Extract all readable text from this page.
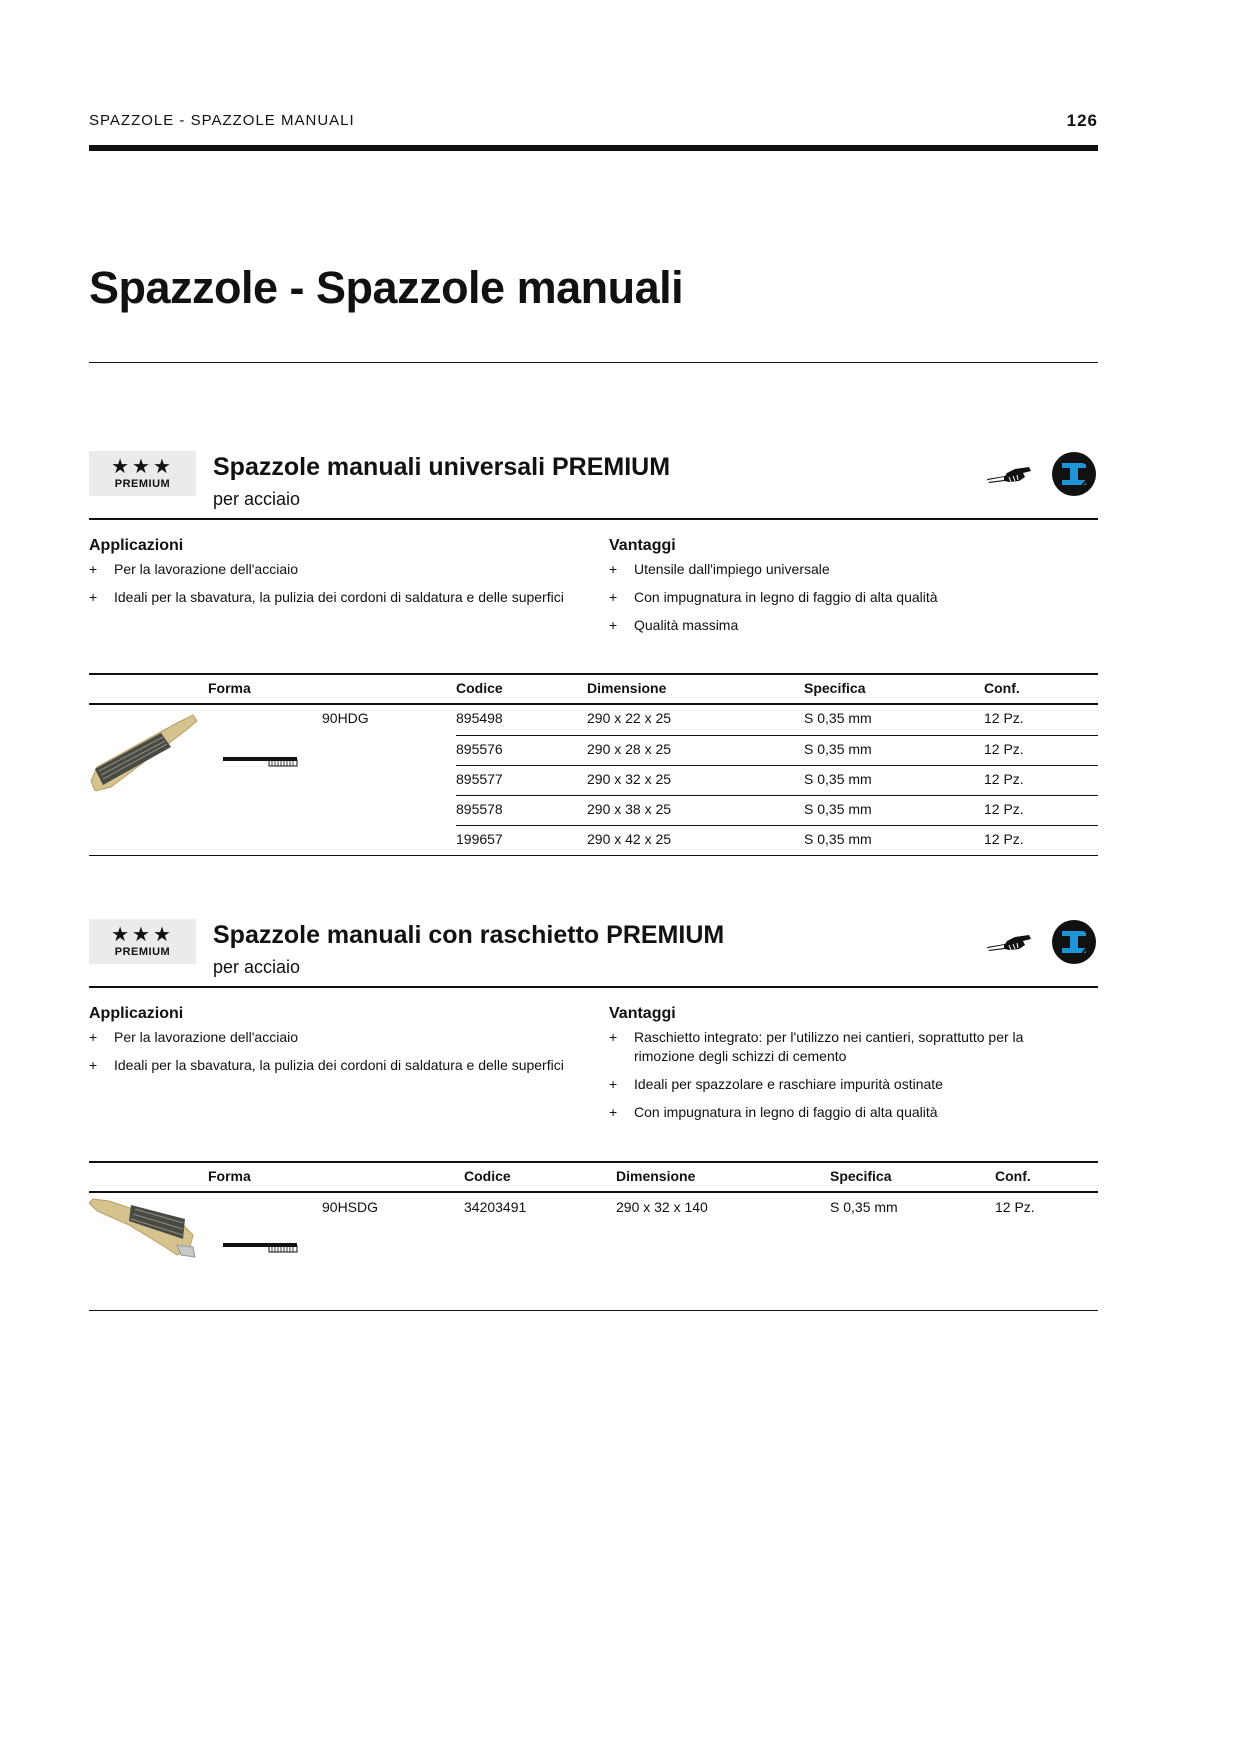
SPAZZOLE - SPAZZOLE MANUALI	126
Spazzole - Spazzole manuali
★★★
PREMIUM
Spazzole manuali universali PREMIUM
per acciaio
Applicazioni
+ Per la lavorazione dell'acciaio
+ Ideali per la sbavatura, la pulizia dei cordoni di saldatura e delle superfici
Vantaggi
+ Utensile dall'impiego universale
+ Con impugnatura in legno di faggio di alta qualità
+ Qualità massima
Forma	Codice	Dimensione	Specifica	Conf.
90HDG	895498	290 x 22 x 25	S 0,35 mm	12 Pz.
895576	290 x 28 x 25	S 0,35 mm	12 Pz.
895577	290 x 32 x 25	S 0,35 mm	12 Pz.
895578	290 x 38 x 25	S 0,35 mm	12 Pz.
199657	290 x 42 x 25	S 0,35 mm	12 Pz.
★★★
PREMIUM
Spazzole manuali con raschietto PREMIUM
per acciaio
Applicazioni
+ Per la lavorazione dell'acciaio
+ Ideali per la sbavatura, la pulizia dei cordoni di saldatura e delle superfici
Vantaggi
+ Raschietto integrato: per l'utilizzo nei cantieri, soprattutto per la rimozione degli schizzi di cemento
+ Ideali per spazzolare e raschiare impurità ostinate
+ Con impugnatura in legno di faggio di alta qualità
Forma	Codice	Dimensione	Specifica	Conf.
90HSDG	34203491	290 x 32 x 140	S 0,35 mm	12 Pz.
